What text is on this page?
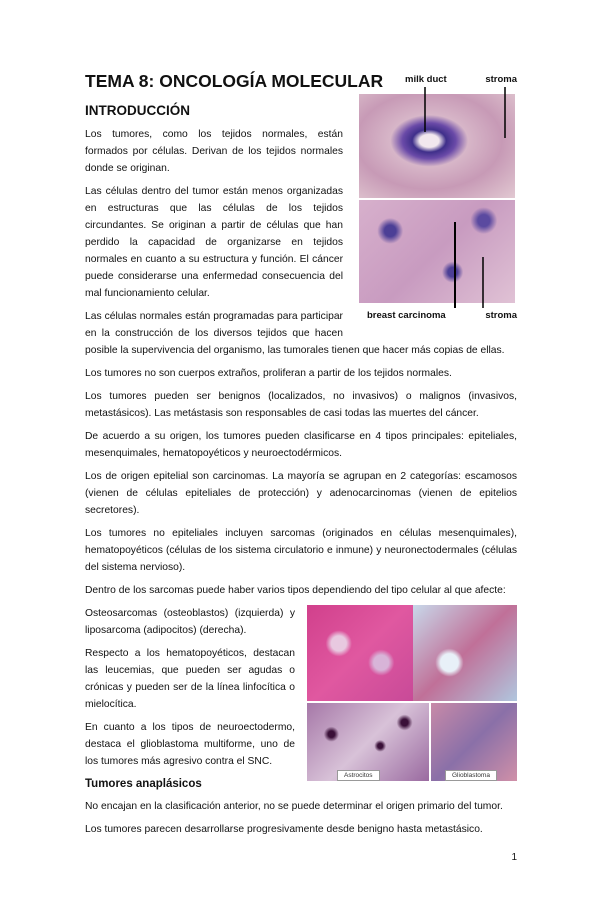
TEMA 8: ONCOLOGÍA MOLECULAR	milk duct	stroma
breast carcinoma	stroma
INTRODUCCIÓN

Los tumores, como los tejidos normales, están formados por células. Derivan de los tejidos normales donde se originan.

Las células dentro del tumor están menos organizadas en estructuras que las células de los tejidos circundantes. Se originan a partir de células que han perdido la capacidad de organizarse en tejidos normales en cuanto a su estructura y función. El cáncer puede considerarse una enfermedad consecuencia del mal funcionamiento celular.

Las células normales están programadas para participar en la construcción de los diversos tejidos que hacen posible la supervivencia del organismo, las tumorales tienen que hacer más copias de ellas.

Los tumores no son cuerpos extraños, proliferan a partir de los tejidos normales.

Los tumores pueden ser benignos (localizados, no invasivos) o malignos (invasivos, metastásicos). Las metástasis son responsables de casi todas las muertes del cáncer.

De acuerdo a su origen, los tumores pueden clasificarse en 4 tipos principales: epiteliales, mesenquimales, hematopoyéticos y neuroectodérmicos.

Los de origen epitelial son carcinomas. La mayoría se agrupan en 2 categorías: escamosos (vienen de células epiteliales de protección) y adenocarcinomas (vienen de epitelios secretores).

Los tumores no epiteliales incluyen sarcomas (originados en células mesenquimales), hematopoyéticos (células de los sistema circulatorio e inmune) y neuronectodermales (células del sistema nervioso).

Dentro de los sarcomas puede haber varios tipos dependiendo del tipo celular al que afecte:

Astrocitos	Glioblastoma

Osteosarcomas (osteoblastos) (izquierda) y liposarcoma (adipocitos) (derecha).

Respecto a los hematopoyéticos, destacan las leucemias, que pueden ser agudas o crónicas y pueden ser de la línea linfocítica o mielocítica.

En cuanto a los tipos de neuroectodermo, destaca el glioblastoma multiforme, uno de los tumores más agresivo contra el SNC.

Tumores anaplásicos

No encajan en la clasificación anterior, no se puede determinar el origen primario del tumor.

Los tumores parecen desarrollarse progresivamente desde benigno hasta metastásico.

1
